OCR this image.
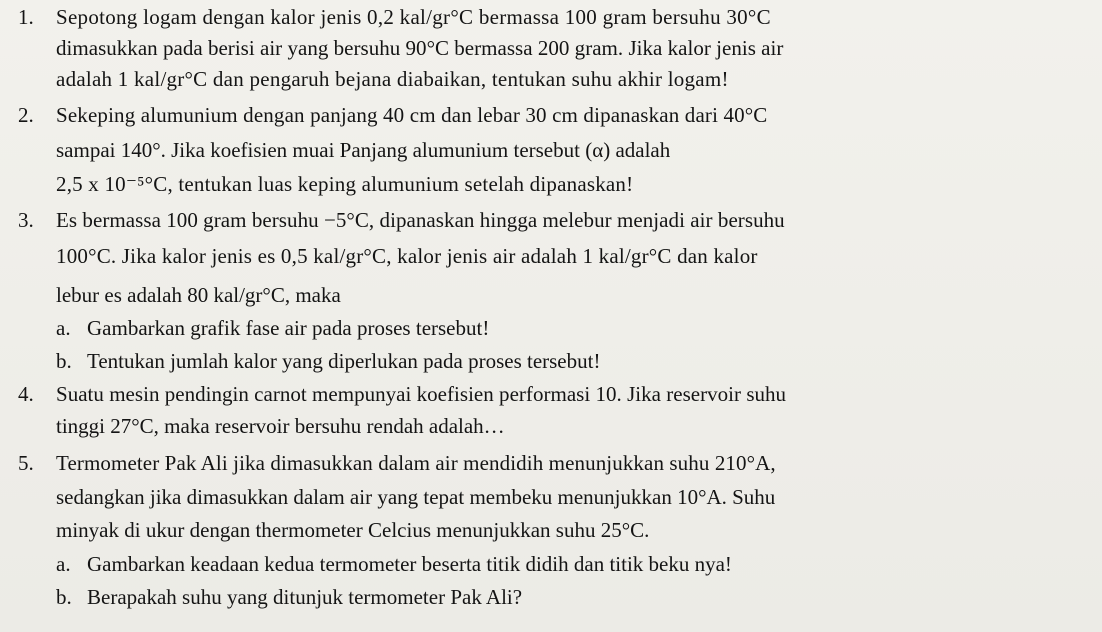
1. Sepotong logam dengan kalor jenis 0,2 kal/gr°C bermassa 100 gram bersuhu 30°C
dimasukkan pada berisi air yang bersuhu 90°C bermassa 200 gram. Jika kalor jenis air
adalah 1 kal/gr°C dan pengaruh bejana diabaikan, tentukan suhu akhir logam!
2. Sekeping alumunium dengan panjang 40 cm dan lebar 30 cm dipanaskan dari 40°C
sampai 140°. Jika koefisien muai Panjang alumunium tersebut (α) adalah
2,5 x 10⁻⁵°C, tentukan luas keping alumunium setelah dipanaskan!
3. Es bermassa 100 gram bersuhu −5°C, dipanaskan hingga melebur menjadi air bersuhu
100°C. Jika kalor jenis es 0,5 kal/gr°C, kalor jenis air adalah 1 kal/gr°C dan kalor
lebur es adalah 80 kal/gr°C, maka
a. Gambarkan grafik fase air pada proses tersebut!
b. Tentukan jumlah kalor yang diperlukan pada proses tersebut!
4. Suatu mesin pendingin carnot mempunyai koefisien performasi 10. Jika reservoir suhu
tinggi 27°C, maka reservoir bersuhu rendah adalah…
5. Termometer Pak Ali jika dimasukkan dalam air mendidih menunjukkan suhu 210°A,
sedangkan jika dimasukkan dalam air yang tepat membeku menunjukkan 10°A. Suhu
minyak di ukur dengan thermometer Celcius menunjukkan suhu 25°C.
a. Gambarkan keadaan kedua termometer beserta titik didih dan titik beku nya!
b. Berapakah suhu yang ditunjuk termometer Pak Ali?
